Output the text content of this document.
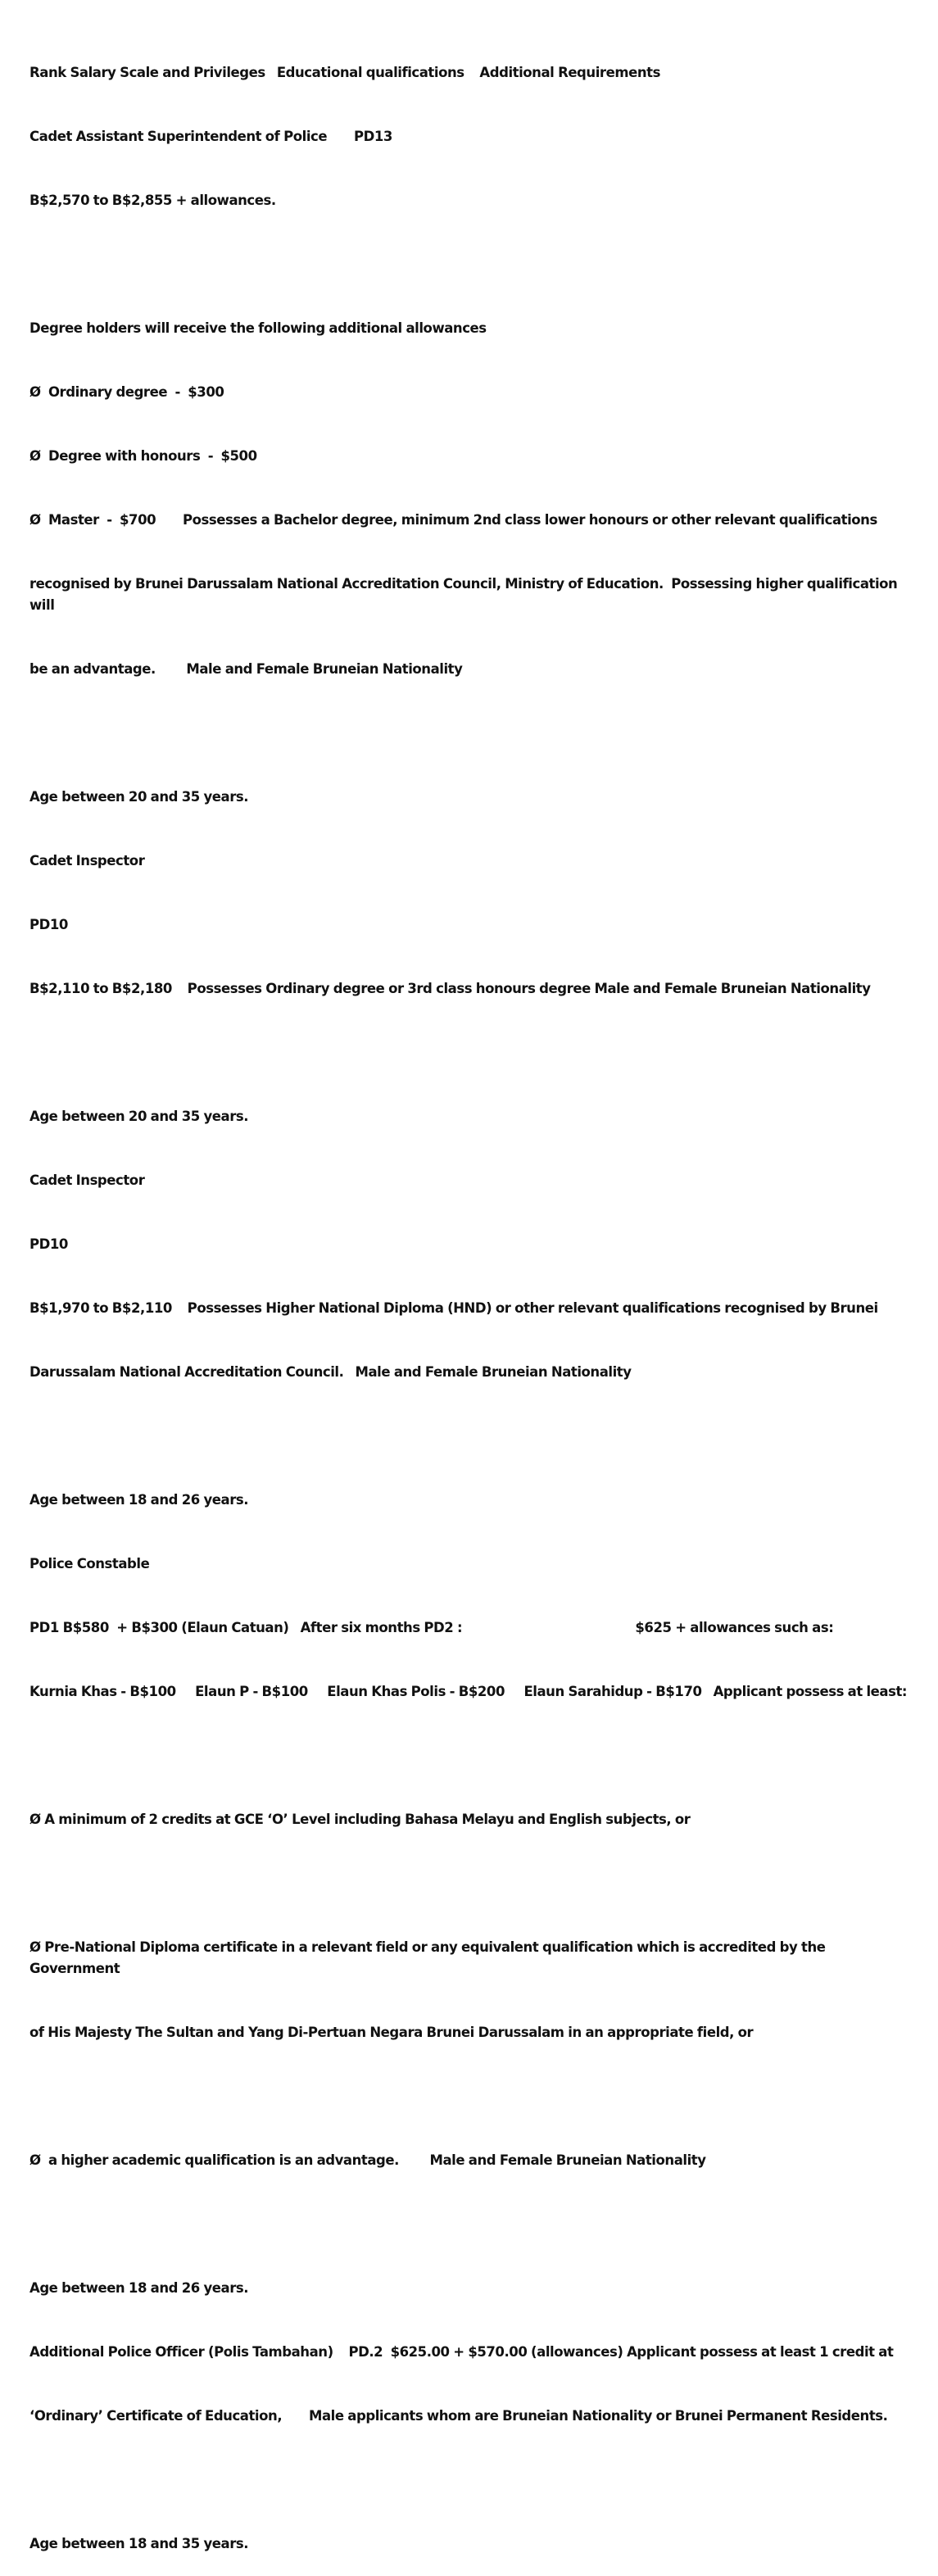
Rank Salary Scale and Privileges   Educational qualifications    Additional Requirements

Cadet Assistant Superintendent of Police       PD13

B$2,570 to B$2,855 + allowances.

Degree holders will receive the following additional allowances

Ø  Ordinary degree  -  $300

Ø  Degree with honours  -  $500

Ø  Master  -  $700       Possesses a Bachelor degree, minimum 2nd class lower honours or other relevant qualifications

recognised by Brunei Darussalam National Accreditation Council, Ministry of Education.  Possessing higher qualification will

be an advantage.        Male and Female Bruneian Nationality

Age between 20 and 35 years.

Cadet Inspector

PD10

B$2,110 to B$2,180    Possesses Ordinary degree or 3rd class honours degree Male and Female Bruneian Nationality

Age between 20 and 35 years.

Cadet Inspector

PD10

B$1,970 to B$2,110    Possesses Higher National Diploma (HND) or other relevant qualifications recognised by Brunei

Darussalam National Accreditation Council.   Male and Female Bruneian Nationality

Age between 18 and 26 years.

Police Constable

PD1 B$580  + B$300 (Elaun Catuan)   After six months PD2 :                                             $625 + allowances such as:

Kurnia Khas - B$100     Elaun P - B$100     Elaun Khas Polis - B$200     Elaun Sarahidup - B$170   Applicant possess at least:

Ø A minimum of 2 credits at GCE ‘O’ Level including Bahasa Melayu and English subjects, or

Ø Pre-National Diploma certificate in a relevant field or any equivalent qualification which is accredited by the Government

of His Majesty The Sultan and Yang Di-Pertuan Negara Brunei Darussalam in an appropriate field, or

Ø  a higher academic qualification is an advantage.        Male and Female Bruneian Nationality

Age between 18 and 26 years.

Additional Police Officer (Polis Tambahan)    PD.2  $625.00 + $570.00 (allowances) Applicant possess at least 1 credit at

‘Ordinary’ Certificate of Education,       Male applicants whom are Bruneian Nationality or Brunei Permanent Residents.

Age between 18 and 35 years.
